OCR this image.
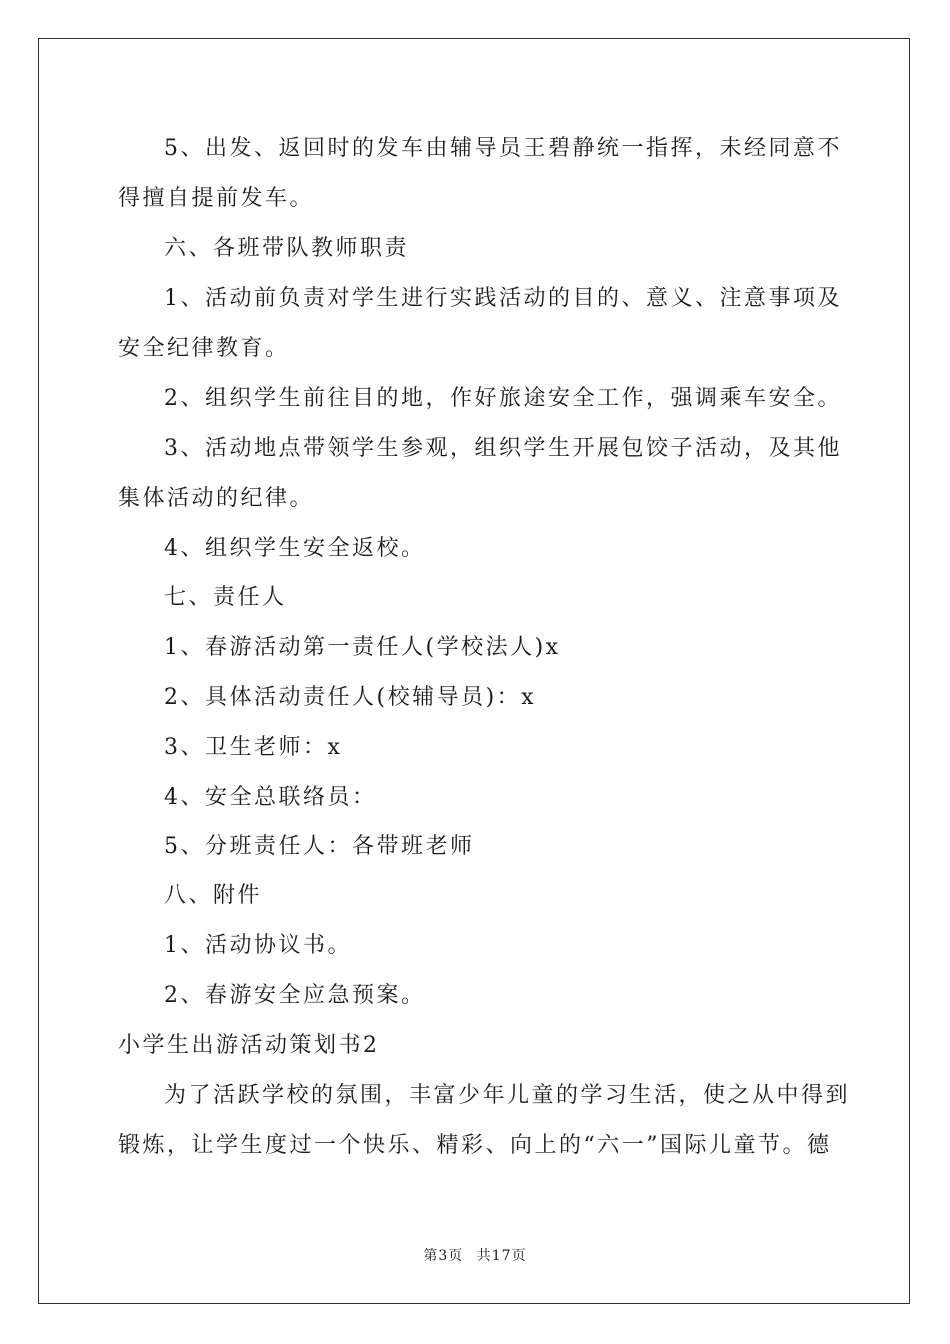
5、出发、返回时的发车由辅导员王碧静统一指挥，未经同意不
得擅自提前发车。
六、各班带队教师职责
1、活动前负责对学生进行实践活动的目的、意义、注意事项及
安全纪律教育。
2、组织学生前往目的地，作好旅途安全工作，强调乘车安全。
3、活动地点带领学生参观，组织学生开展包饺子活动，及其他
集体活动的纪律。
4、组织学生安全返校。
七、责任人
1、春游活动第一责任人(学校法人)x
2、具体活动责任人(校辅导员)：x
3、卫生老师：x
4、安全总联络员：
5、分班责任人：各带班老师
八、附件
1、活动协议书。
2、春游安全应急预案。
小学生出游活动策划书2
为了活跃学校的氛围，丰富少年儿童的学习生活，使之从中得到
锻炼，让学生度过一个快乐、精彩、向上的“六一”国际儿童节。德
第3页 共17页
